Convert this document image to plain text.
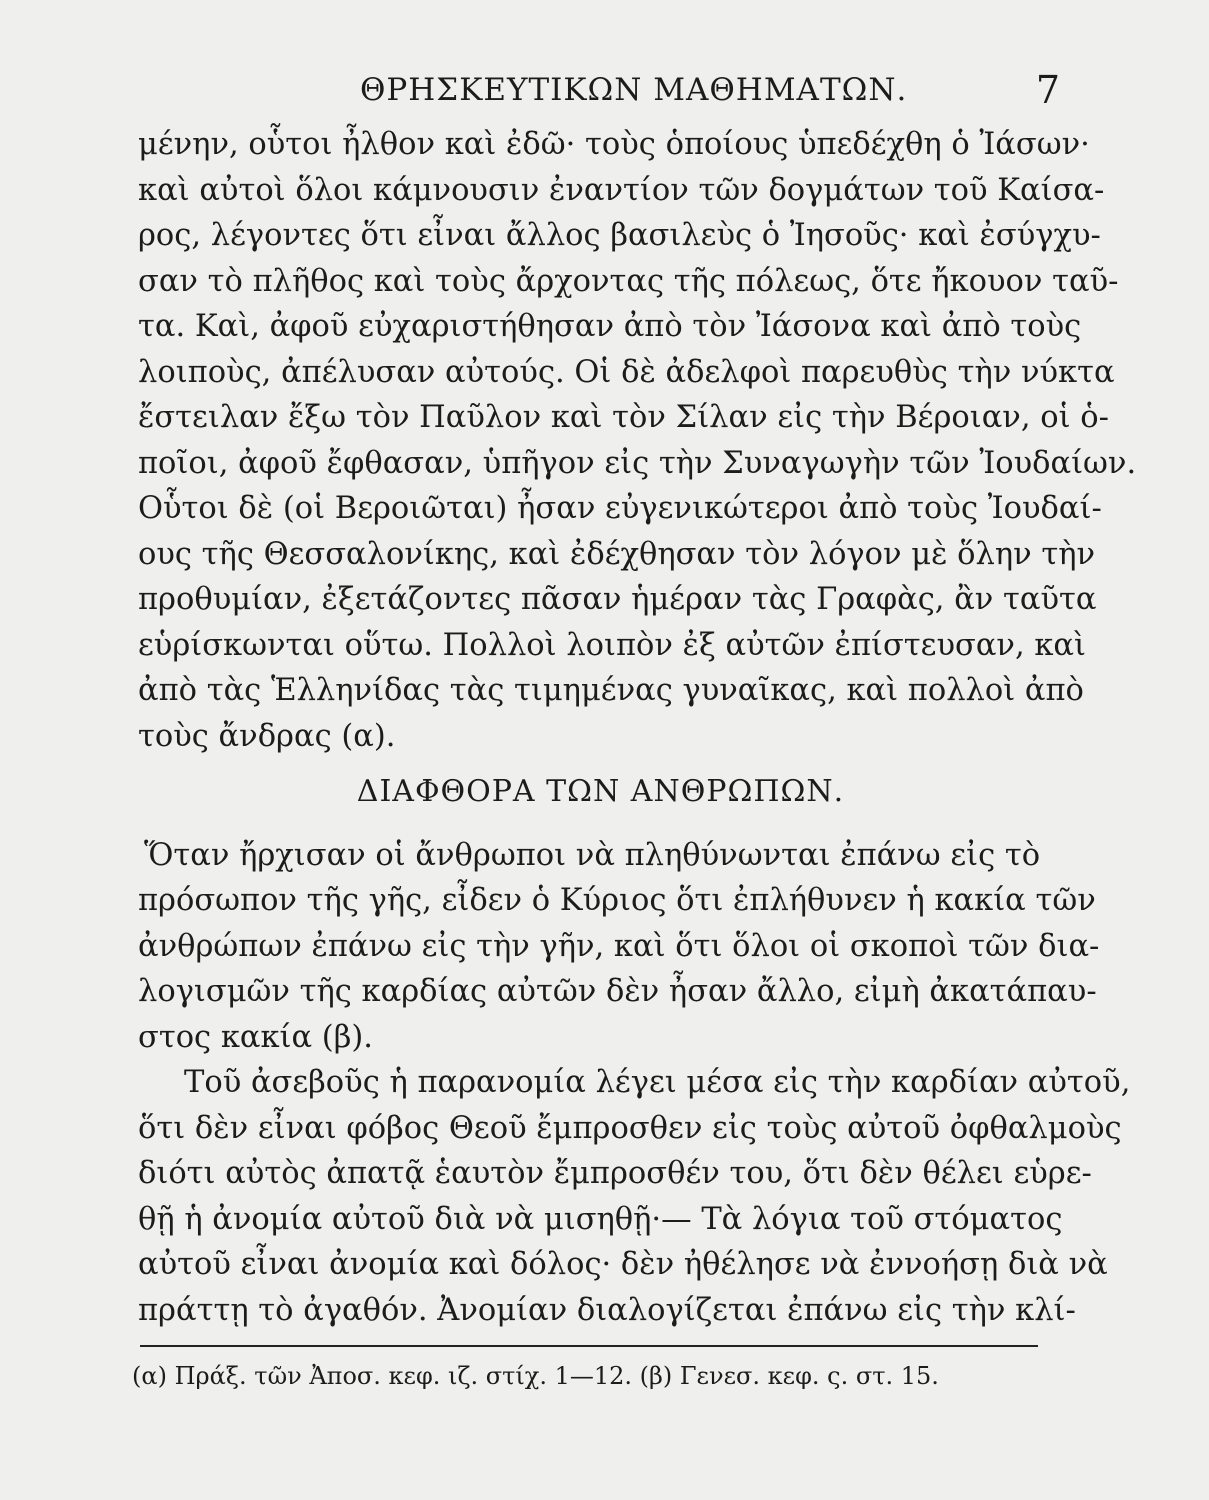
ΘΡΗΣΚΕΥΤΙΚΩΝ ΜΑΘΗΜΑΤΩΝ.	7
μένην, οὗτοι ἦλθον καὶ ἐδῶ· τοὺς ὁποίους ὑπεδέχθη ὁ Ἰάσων·
καὶ αὐτοὶ ὅλοι κάμνουσιν ἐναντίον τῶν δογμάτων τοῦ Καίσα-
ρος, λέγοντες ὅτι εἶναι ἄλλος βασιλεὺς ὁ Ἰησοῦς· καὶ ἐσύγχυ-
σαν τὸ πλῆθος καὶ τοὺς ἄρχοντας τῆς πόλεως, ὅτε ἤκουον ταῦ-
τα. Καὶ, ἀφοῦ εὐχαριστήθησαν ἀπὸ τὸν Ἰάσονα καὶ ἀπὸ τοὺς
λοιποὺς, ἀπέλυσαν αὐτούς. Οἱ δὲ ἀδελφοὶ παρευθὺς τὴν νύκτα
ἔστειλαν ἔξω τὸν Παῦλον καὶ τὸν Σίλαν εἰς τὴν Βέροιαν, οἱ ὁ-
ποῖοι, ἀφοῦ ἔφθασαν, ὑπῆγον εἰς τὴν Συναγωγὴν τῶν Ἰουδαίων.
Οὗτοι δὲ (οἱ Βεροιῶται) ἦσαν εὐγενικώτεροι ἀπὸ τοὺς Ἰουδαί-
ους τῆς Θεσσαλονίκης, καὶ ἐδέχθησαν τὸν λόγον μὲ ὅλην τὴν
προθυμίαν, ἐξετάζοντες πᾶσαν ἡμέραν τὰς Γραφὰς, ἂν ταῦτα
εὑρίσκωνται οὕτω. Πολλοὶ λοιπὸν ἐξ αὐτῶν ἐπίστευσαν, καὶ
ἀπὸ τὰς Ἑλληνίδας τὰς τιμημένας γυναῖκας, καὶ πολλοὶ ἀπὸ
τοὺς ἄνδρας (α).
ΔΙΑΦΘΟΡΑ ΤΩΝ ΑΝΘΡΩΠΩΝ.
Ὅταν ἤρχισαν οἱ ἄνθρωποι νὰ πληθύνωνται ἐπάνω εἰς τὸ
πρόσωπον τῆς γῆς, εἶδεν ὁ Κύριος ὅτι ἐπλήθυνεν ἡ κακία τῶν
ἀνθρώπων ἐπάνω εἰς τὴν γῆν, καὶ ὅτι ὅλοι οἱ σκοποὶ τῶν δια-
λογισμῶν τῆς καρδίας αὐτῶν δὲν ἦσαν ἄλλο, εἰμὴ ἀκατάπαυ-
στος κακία (β).
Τοῦ ἀσεβοῦς ἡ παρανομία λέγει μέσα εἰς τὴν καρδίαν αὐτοῦ,
ὅτι δὲν εἶναι φόβος Θεοῦ ἔμπροσθεν εἰς τοὺς αὐτοῦ ὀφθαλμοὺς
διότι αὐτὸς ἀπατᾷ ἑαυτὸν ἔμπροσθέν του, ὅτι δὲν θέλει εὑρε-
θῇ ἡ ἀνομία αὐτοῦ διὰ νὰ μισηθῇ·— Τὰ λόγια τοῦ στόματος
αὐτοῦ εἶναι ἀνομία καὶ δόλος· δὲν ἠθέλησε νὰ ἐννοήσῃ διὰ νὰ
πράττῃ τὸ ἀγαθόν. Ἀνομίαν διαλογίζεται ἐπάνω εἰς τὴν κλί-
(α) Πράξ. τῶν Ἀποσ. κεφ. ιζ. στίχ. 1—12. (β) Γενεσ. κεφ. ς. στ. 15.
